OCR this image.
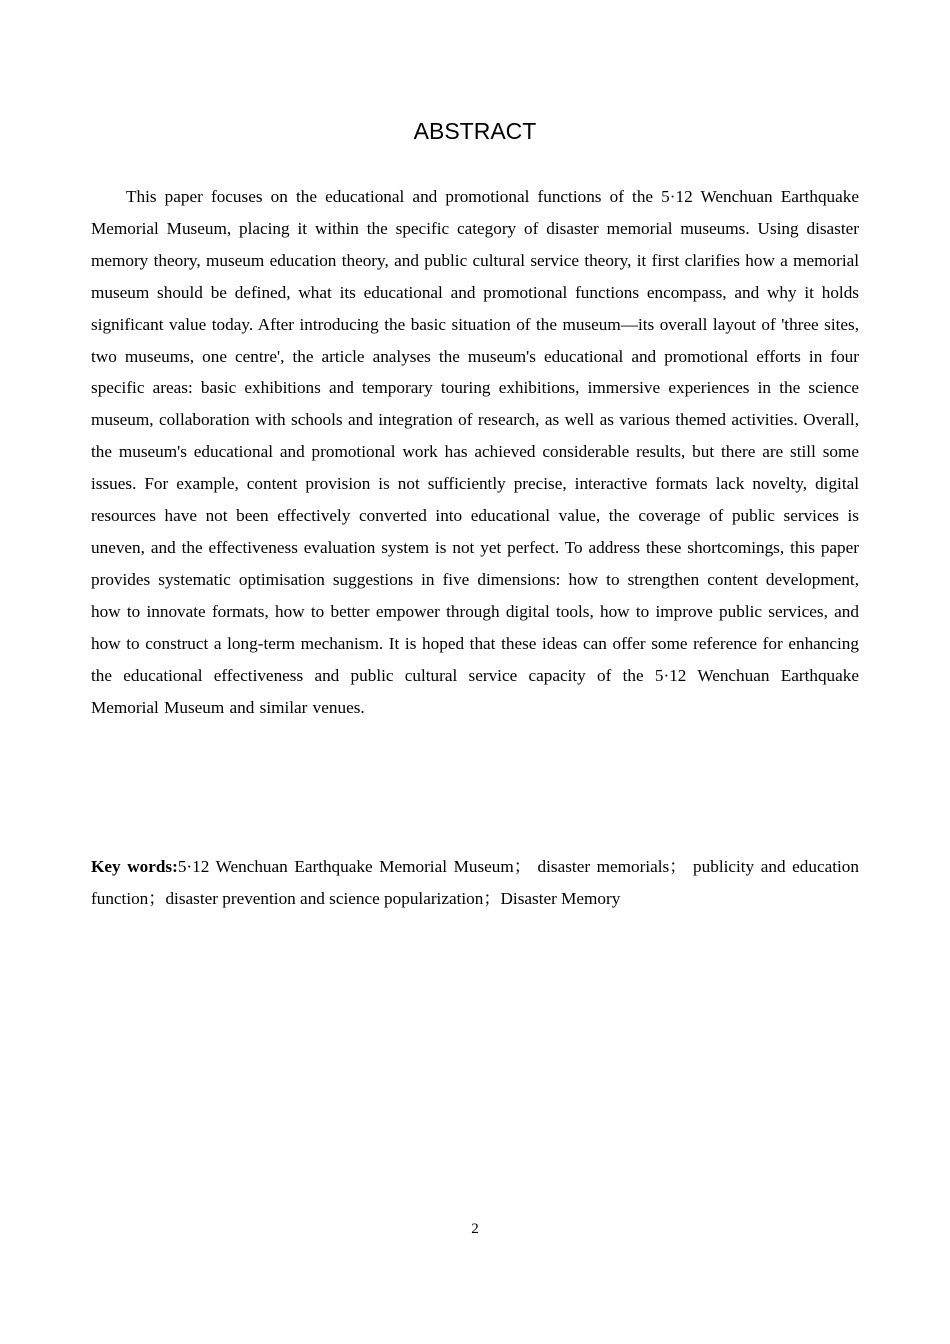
ABSTRACT

This paper focuses on the educational and promotional functions of the 5·12 Wenchuan Earthquake Memorial Museum, placing it within the specific category of disaster memorial museums. Using disaster memory theory, museum education theory, and public cultural service theory, it first clarifies how a memorial museum should be defined, what its educational and promotional functions encompass, and why it holds significant value today. After introducing the basic situation of the museum—its overall layout of 'three sites, two museums, one centre', the article analyses the museum's educational and promotional efforts in four specific areas: basic exhibitions and temporary touring exhibitions, immersive experiences in the science museum, collaboration with schools and integration of research, as well as various themed activities. Overall, the museum's educational and promotional work has achieved considerable results, but there are still some issues. For example, content provision is not sufficiently precise, interactive formats lack novelty, digital resources have not been effectively converted into educational value, the coverage of public services is uneven, and the effectiveness evaluation system is not yet perfect. To address these shortcomings, this paper provides systematic optimisation suggestions in five dimensions: how to strengthen content development, how to innovate formats, how to better empower through digital tools, how to improve public services, and how to construct a long-term mechanism. It is hoped that these ideas can offer some reference for enhancing the educational effectiveness and public cultural service capacity of the 5·12 Wenchuan Earthquake Memorial Museum and similar venues.

Key words:5·12 Wenchuan Earthquake Memorial Museum； disaster memorials； publicity and education function；disaster prevention and science popularization；Disaster Memory

2
